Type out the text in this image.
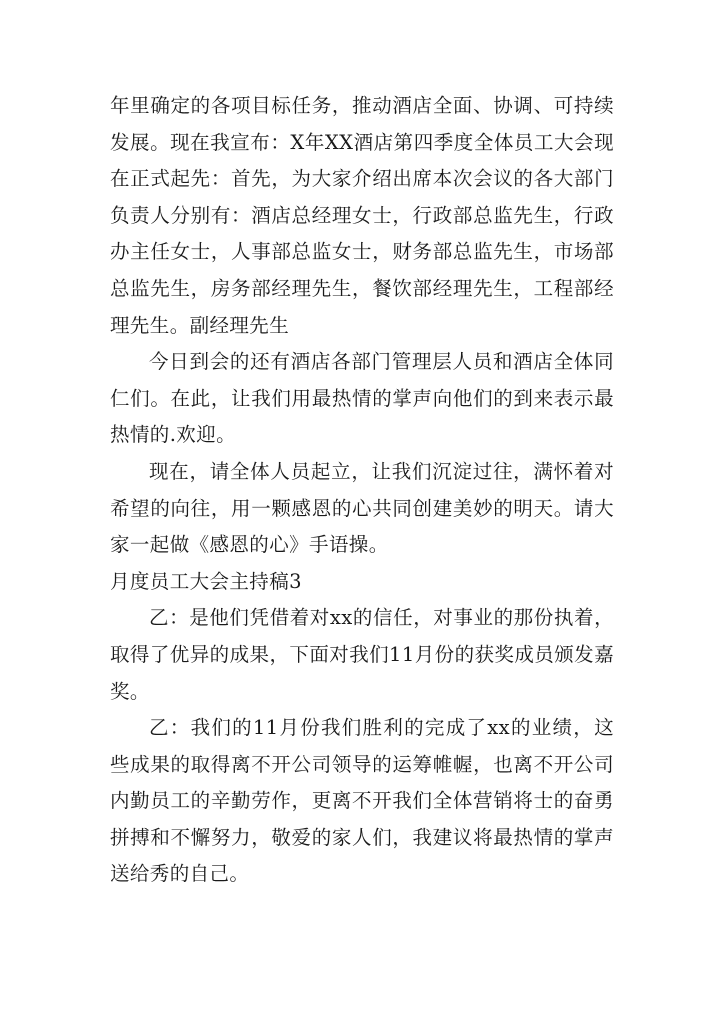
年里确定的各项目标任务，推动酒店全面、协调、可持续发展。现在我宣布：X年XX酒店第四季度全体员工大会现在正式起先：首先，为大家介绍出席本次会议的各大部门负责人分别有：酒店总经理女士，行政部总监先生，行政办主任女士，人事部总监女士，财务部总监先生，市场部总监先生，房务部经理先生，餐饮部经理先生，工程部经理先生。副经理先生

今日到会的还有酒店各部门管理层人员和酒店全体同仁们。在此，让我们用最热情的掌声向他们的到来表示最热情的.欢迎。

现在，请全体人员起立，让我们沉淀过往，满怀着对希望的向往，用一颗感恩的心共同创建美妙的明天。请大家一起做《感恩的心》手语操。

月度员工大会主持稿3

乙：是他们凭借着对xx的信任，对事业的那份执着，取得了优异的成果，下面对我们11月份的获奖成员颁发嘉奖。

乙：我们的11月份我们胜利的完成了xx的业绩，这些成果的取得离不开公司领导的运筹帷幄，也离不开公司内勤员工的辛勤劳作，更离不开我们全体营销将士的奋勇拼搏和不懈努力，敬爱的家人们，我建议将最热情的掌声送给秀的自己。
